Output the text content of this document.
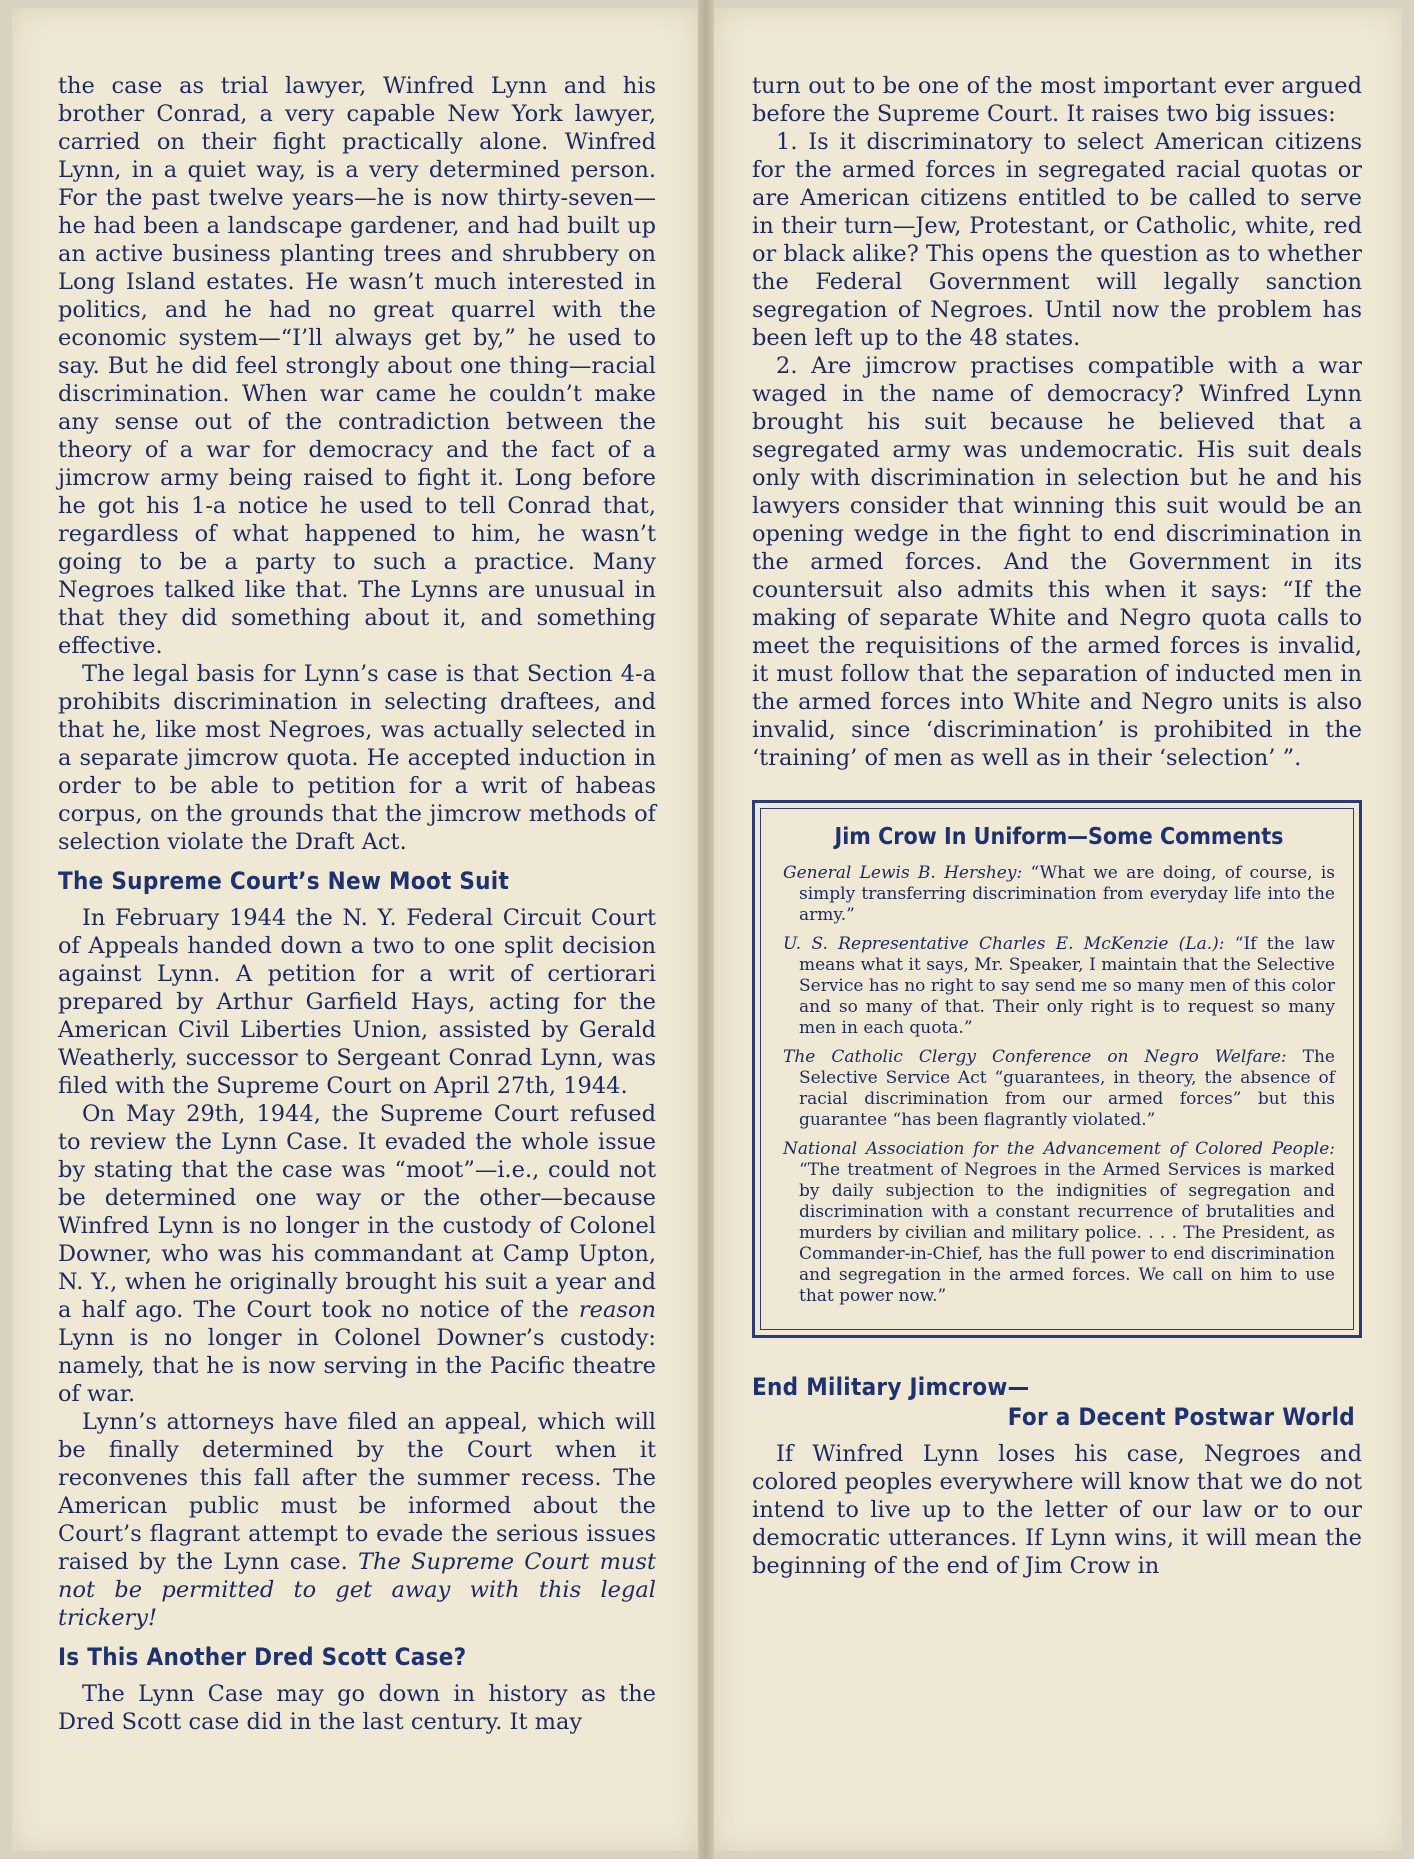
the case as trial lawyer, Winfred Lynn and his brother Conrad, a very capable New York lawyer, carried on their fight practically alone. Winfred Lynn, in a quiet way, is a very determined person. For the past twelve years—he is now thirty-seven—he had been a landscape gardener, and had built up an active business planting trees and shrubbery on Long Island estates. He wasn’t much interested in politics, and he had no great quarrel with the economic system—“I’ll always get by,” he used to say. But he did feel strongly about one thing—racial discrimination. When war came he couldn’t make any sense out of the contradiction between the theory of a war for democracy and the fact of a jimcrow army being raised to fight it. Long before he got his 1-a notice he used to tell Conrad that, regardless of what happened to him, he wasn’t going to be a party to such a practice. Many Negroes talked like that. The Lynns are unusual in that they did something about it, and something effective.

The legal basis for Lynn’s case is that Section 4-a prohibits discrimination in selecting draftees, and that he, like most Negroes, was actually selected in a separate jimcrow quota. He accepted induction in order to be able to petition for a writ of habeas corpus, on the grounds that the jimcrow methods of selection violate the Draft Act.

The Supreme Court’s New Moot Suit

In February 1944 the N. Y. Federal Circuit Court of Appeals handed down a two to one split decision against Lynn. A petition for a writ of certiorari prepared by Arthur Garfield Hays, acting for the American Civil Liberties Union, assisted by Gerald Weatherly, successor to Sergeant Conrad Lynn, was filed with the Supreme Court on April 27th, 1944.

On May 29th, 1944, the Supreme Court refused to review the Lynn Case. It evaded the whole issue by stating that the case was “moot”—i.e., could not be determined one way or the other—because Winfred Lynn is no longer in the custody of Colonel Downer, who was his commandant at Camp Upton, N. Y., when he originally brought his suit a year and a half ago. The Court took no notice of the reason Lynn is no longer in Colonel Downer’s custody: namely, that he is now serving in the Pacific theatre of war.

Lynn’s attorneys have filed an appeal, which will be finally determined by the Court when it reconvenes this fall after the summer recess. The American public must be informed about the Court’s flagrant attempt to evade the serious issues raised by the Lynn case. The Supreme Court must not be permitted to get away with this legal trickery!

Is This Another Dred Scott Case?

The Lynn Case may go down in history as the Dred Scott case did in the last century. It may

turn out to be one of the most important ever argued before the Supreme Court. It raises two big issues:

1. Is it discriminatory to select American citizens for the armed forces in segregated racial quotas or are American citizens entitled to be called to serve in their turn—Jew, Protestant, or Catholic, white, red or black alike? This opens the question as to whether the Federal Government will legally sanction segregation of Negroes. Until now the problem has been left up to the 48 states.

2. Are jimcrow practises compatible with a war waged in the name of democracy? Winfred Lynn brought his suit because he believed that a segregated army was undemocratic. His suit deals only with discrimination in selection but he and his lawyers consider that winning this suit would be an opening wedge in the fight to end discrimination in the armed forces. And the Government in its countersuit also admits this when it says: “If the making of separate White and Negro quota calls to meet the requisitions of the armed forces is invalid, it must follow that the separation of inducted men in the armed forces into White and Negro units is also invalid, since ‘discrimination’ is prohibited in the ‘training’ of men as well as in their ‘selection’ ”.

Jim Crow In Uniform—Some Comments

General Lewis B. Hershey: “What we are doing, of course, is simply transferring discrimination from everyday life into the army.”

U. S. Representative Charles E. McKenzie (La.): “If the law means what it says, Mr. Speaker, I maintain that the Selective Service has no right to say send me so many men of this color and so many of that. Their only right is to request so many men in each quota.”

The Catholic Clergy Conference on Negro Welfare: The Selective Service Act “guarantees, in theory, the absence of racial discrimination from our armed forces” but this guarantee “has been flagrantly violated.”

National Association for the Advancement of Colored People: “The treatment of Negroes in the Armed Services is marked by daily subjection to the indignities of segregation and discrimination with a constant recurrence of brutalities and murders by civilian and military police. . . . The President, as Commander-in-Chief, has the full power to end discrimination and segregation in the armed forces. We call on him to use that power now.”

End Military Jimcrow—
For a Decent Postwar World

If Winfred Lynn loses his case, Negroes and colored peoples everywhere will know that we do not intend to live up to the letter of our law or to our democratic utterances. If Lynn wins, it will mean the beginning of the end of Jim Crow in
